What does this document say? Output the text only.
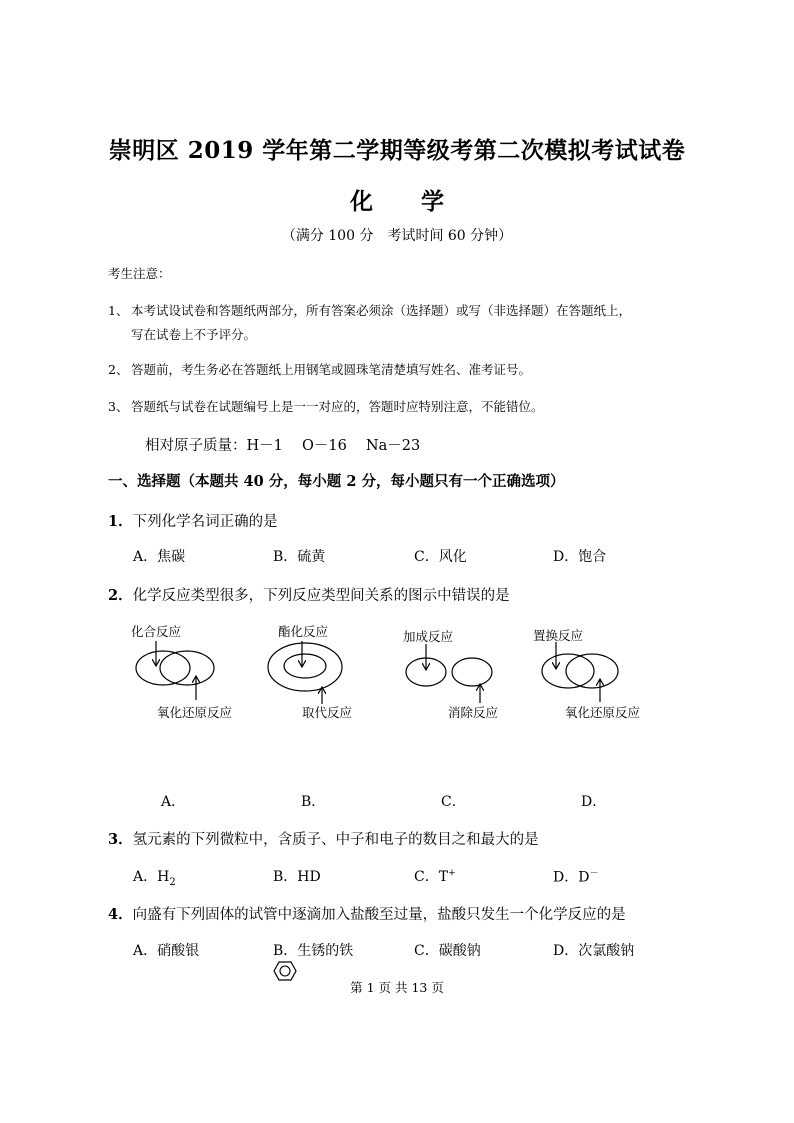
崇明区 2019 学年第二学期等级考第二次模拟考试试卷
化 学
（满分 100 分　考试时间 60 分钟）
考生注意：
1、 本考试设试卷和答题纸两部分，所有答案必须涂（选择题）或写（非选择题）在答题纸上，
写在试卷上不予评分。
2、 答题前，考生务必在答题纸上用钢笔或圆珠笔清楚填写姓名、准考证号。
3、 答题纸与试卷在试题编号上是一一对应的，答题时应特别注意，不能错位。
相对原子质量：H－1　 O－16　 Na－23
一、选择题（本题共 40 分，每小题 2 分，每小题只有一个正确选项）
1．下列化学名词正确的是
A．焦碳	B．硫黄	C．风化	D．饱合
2．化学反应类型很多，下列反应类型间关系的图示中错误的是
化合反应
氧化还原反应
酯化反应
取代反应
加成反应
消除反应
置换反应
氧化还原反应
A．	B．	C．	D．
3．氢元素的下列微粒中，含质子、中子和电子的数目之和最大的是
A．$H_2$	B．HD	C．T+	D．D－
4．向盛有下列固体的试管中逐滴加入盐酸至过量，盐酸只发生一个化学反应的是
A．硝酸银	B．生锈的铁	C．碳酸钠	D．次氯酸钠
第 1 页 共 13 页
